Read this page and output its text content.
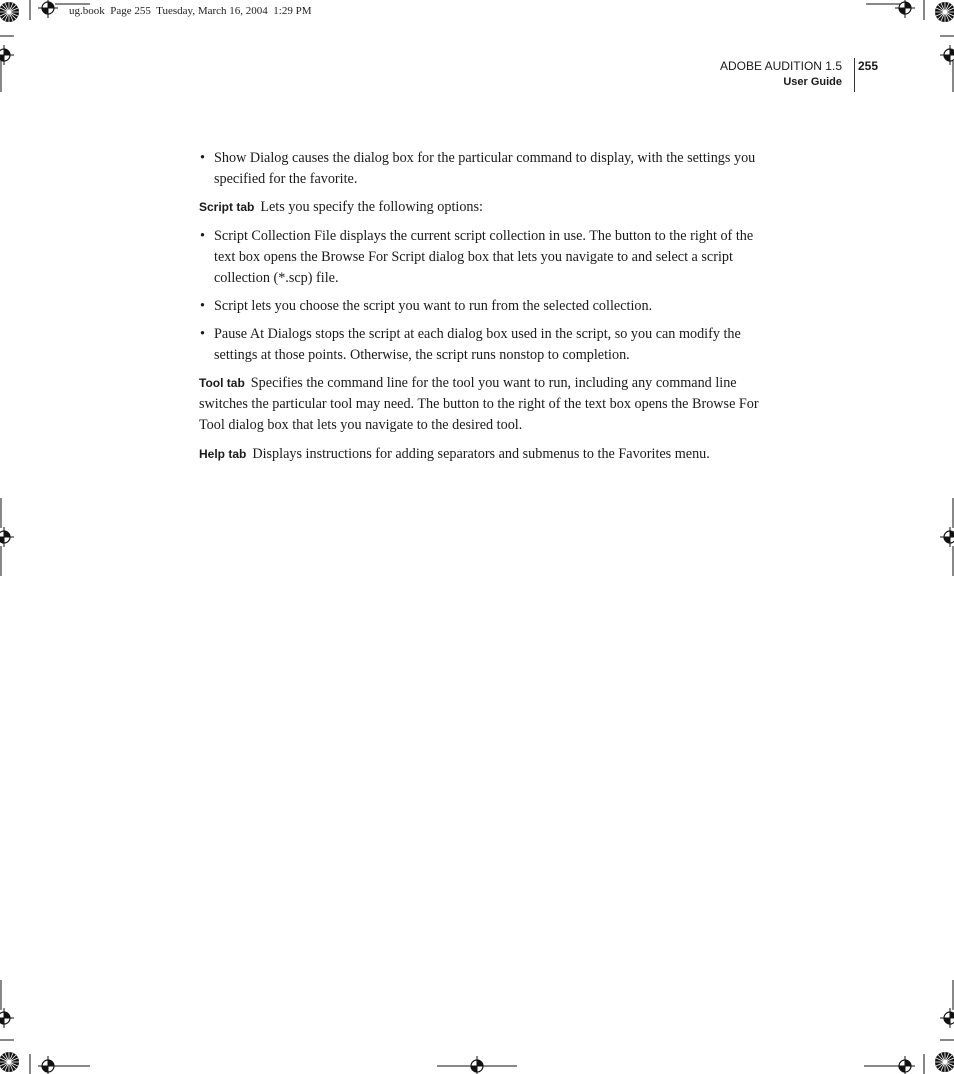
ug.book  Page 255  Tuesday, March 16, 2004  1:29 PM
ADOBE AUDITION 1.5
User Guide
255
• Show Dialog causes the dialog box for the particular command to display, with the settings you specified for the favorite.

Script tab Lets you specify the following options:

• Script Collection File displays the current script collection in use. The button to the right of the text box opens the Browse For Script dialog box that lets you navigate to and select a script collection (*.scp) file.
• Script lets you choose the script you want to run from the selected collection.
• Pause At Dialogs stops the script at each dialog box used in the script, so you can modify the settings at those points. Otherwise, the script runs nonstop to completion.

Tool tab Specifies the command line for the tool you want to run, including any command line switches the particular tool may need. The button to the right of the text box opens the Browse For Tool dialog box that lets you navigate to the desired tool.

Help tab Displays instructions for adding separators and submenus to the Favorites menu.
